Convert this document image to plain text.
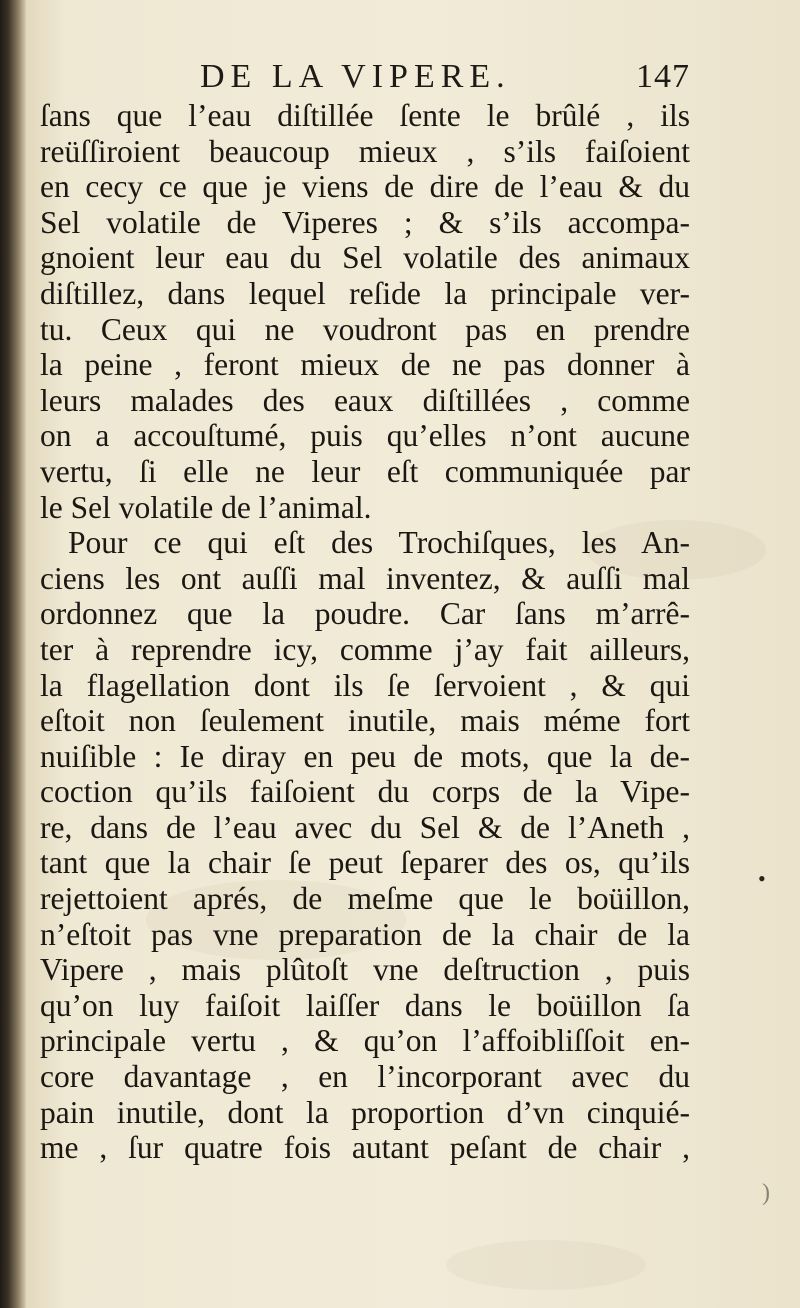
DE LA VIPERE.	147
ſans que l’eau diſtillée ſente le brûlé , ils
reüſſiroient beaucoup mieux , s’ils faiſoient
en cecy ce que je viens de dire de l’eau & du
Sel volatile de Viperes ; & s’ils accompa-
gnoient leur eau du Sel volatile des animaux
diſtillez, dans lequel reſide la principale ver-
tu. Ceux qui ne voudront pas en prendre
la peine , feront mieux de ne pas donner à
leurs malades des eaux diſtillées , comme
on a accouſtumé, puis qu’elles n’ont aucune
vertu, ſi elle ne leur eſt communiquée par
le Sel volatile de l’animal.
Pour ce qui eſt des Trochiſques, les An-
ciens les ont auſſi mal inventez, & auſſi mal
ordonnez que la poudre. Car ſans m’arrê-
ter à reprendre icy, comme j’ay fait ailleurs,
la flagellation dont ils ſe ſervoient , & qui
eſtoit non ſeulement inutile, mais méme fort
nuiſible : Ie diray en peu de mots, que la de-
coction qu’ils faiſoient du corps de la Vipe-
re, dans de l’eau avec du Sel & de l’Aneth ,
tant que la chair ſe peut ſeparer des os, qu’ils
rejettoient aprés, de meſme que le boüillon,
n’eſtoit pas vne preparation de la chair de la
Vipere , mais plûtoſt vne deſtruction , puis
qu’on luy faiſoit laiſſer dans le boüillon ſa
principale vertu , & qu’on l’affoibliſſoit en-
core davantage , en l’incorporant avec du
pain inutile, dont la proportion d’vn cinquié-
me , ſur quatre fois autant peſant de chair ,
•
)
